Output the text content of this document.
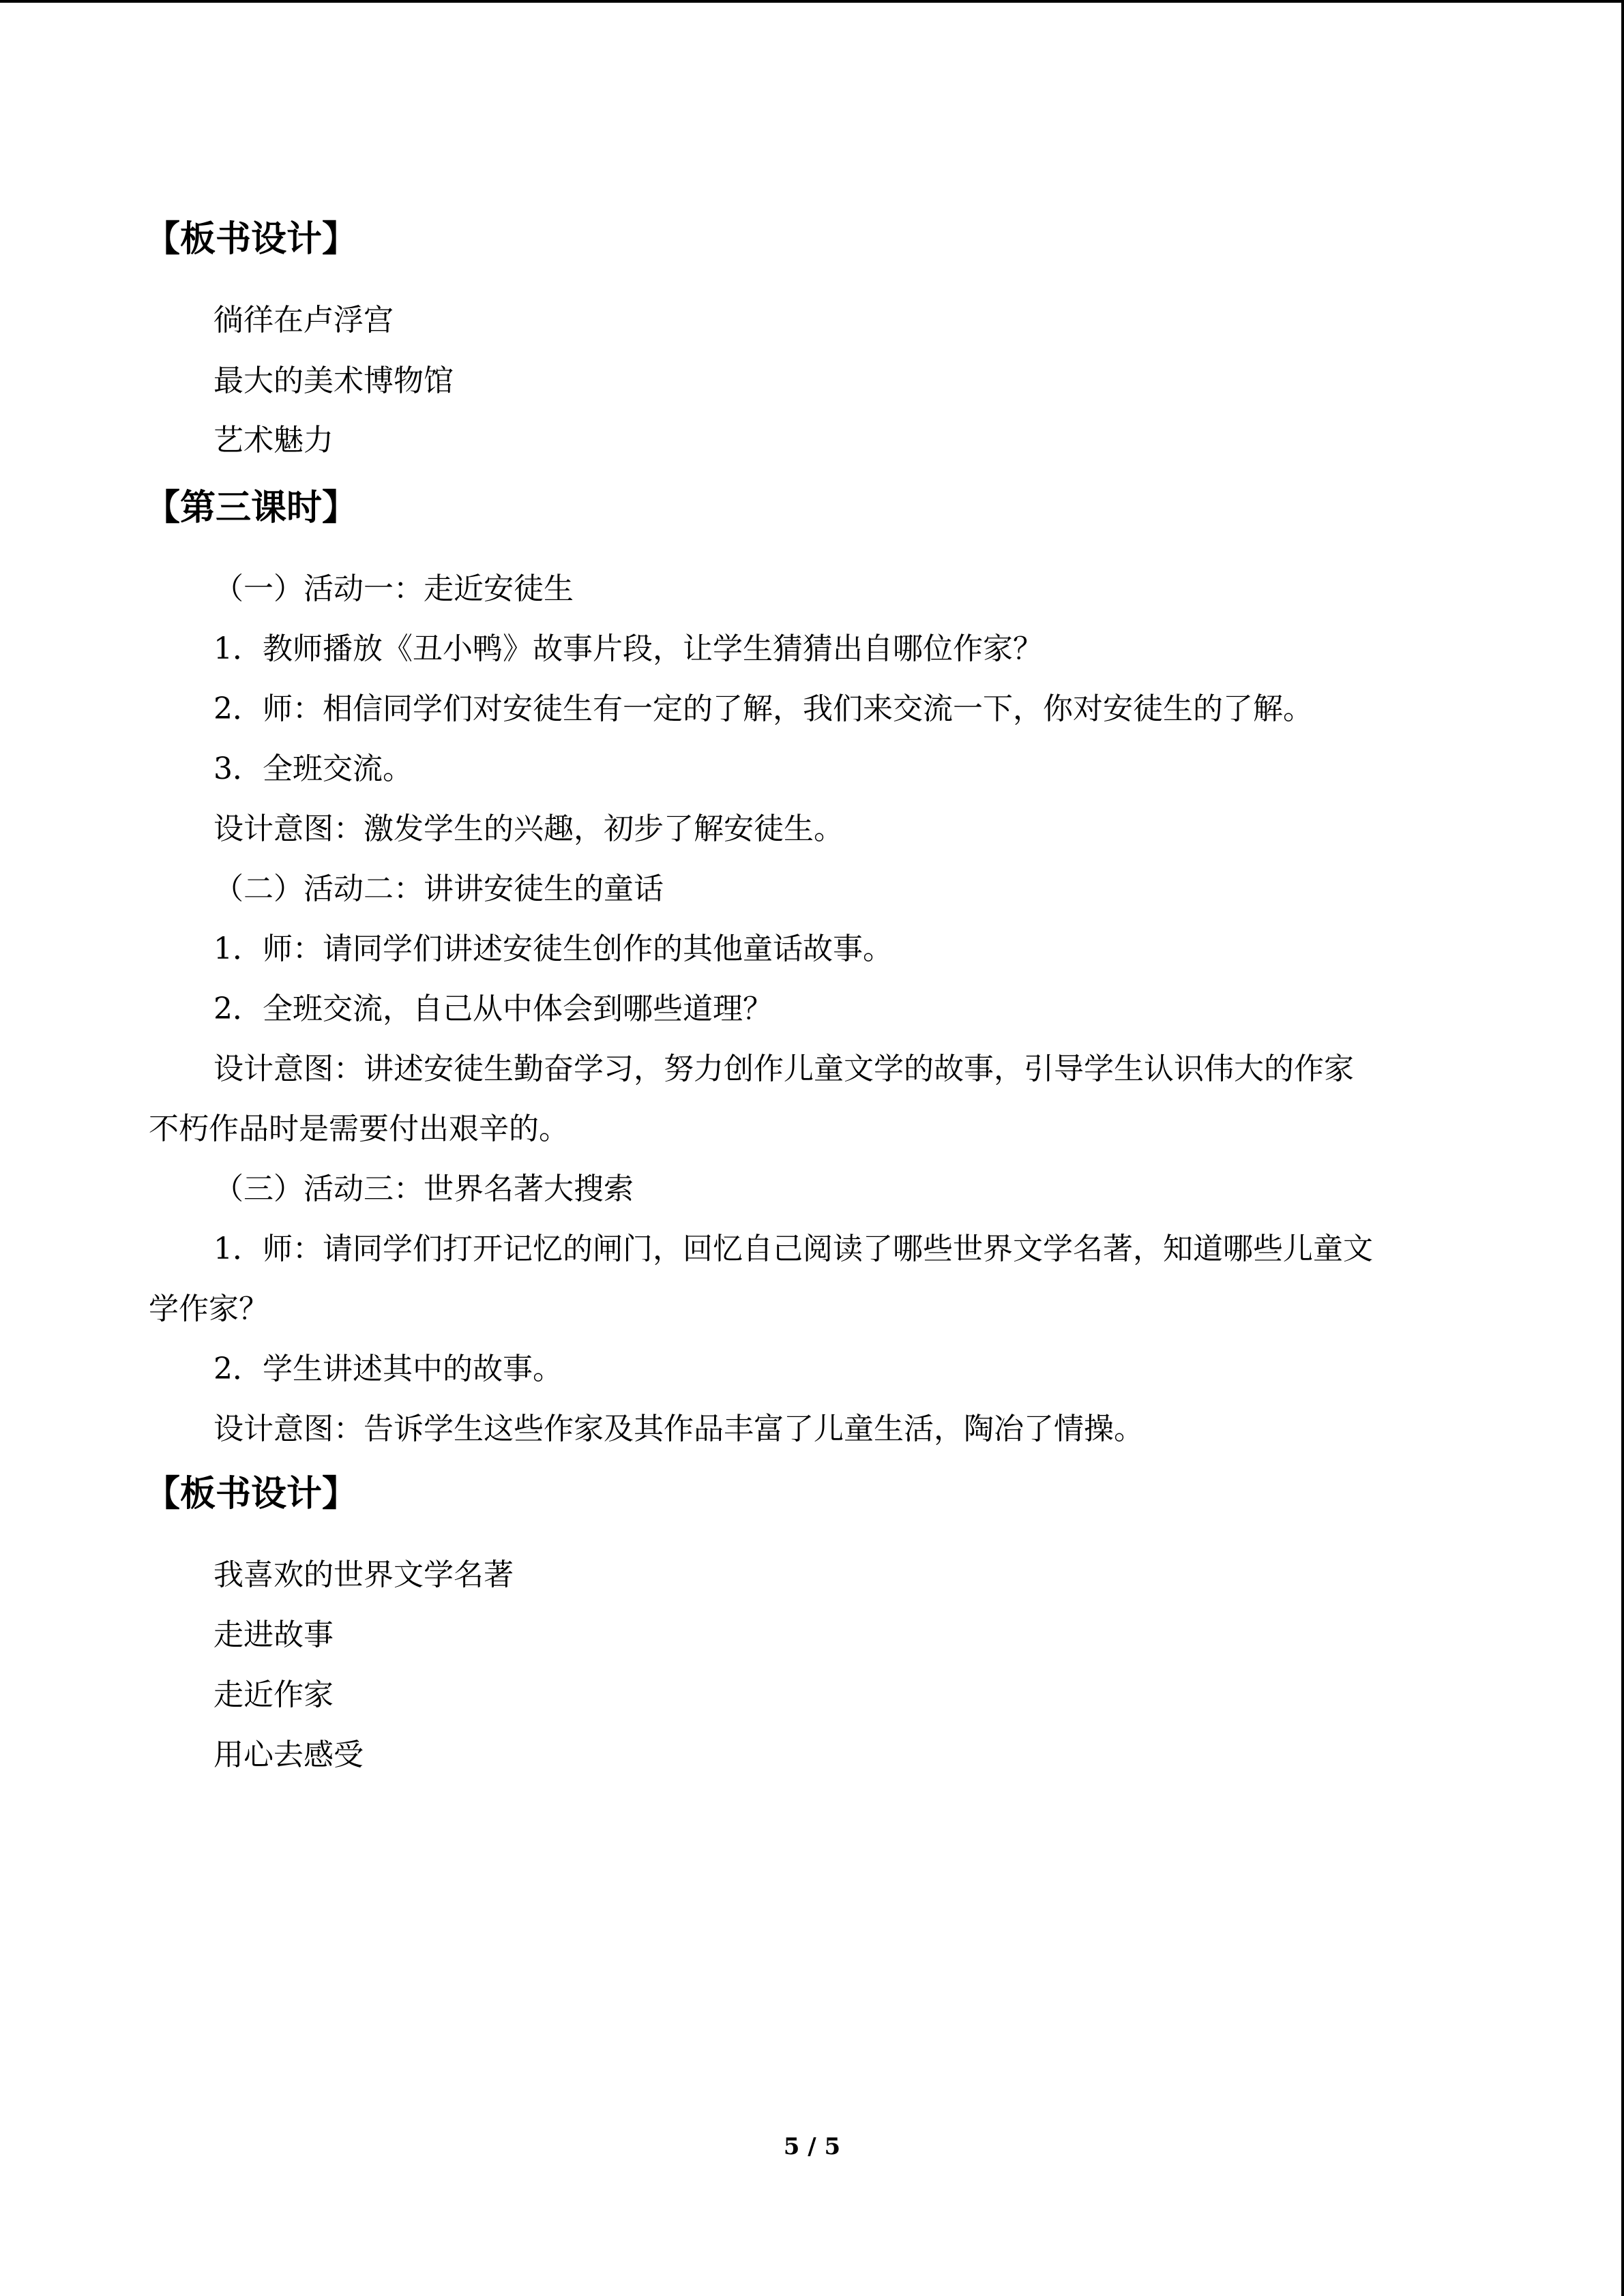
【板书设计】
徜徉在卢浮宫
最大的美术博物馆
艺术魅力
【第三课时】
（一）活动一：走近安徒生
1．教师播放《丑小鸭》故事片段，让学生猜猜出自哪位作家？
2．师：相信同学们对安徒生有一定的了解，我们来交流一下，你对安徒生的了解。
3．全班交流。
设计意图：激发学生的兴趣，初步了解安徒生。
（二）活动二：讲讲安徒生的童话
1．师：请同学们讲述安徒生创作的其他童话故事。
2．全班交流，自己从中体会到哪些道理？
设计意图：讲述安徒生勤奋学习，努力创作儿童文学的故事，引导学生认识伟大的作家
不朽作品时是需要付出艰辛的。
（三）活动三：世界名著大搜索
1．师：请同学们打开记忆的闸门，回忆自己阅读了哪些世界文学名著，知道哪些儿童文
学作家？
2．学生讲述其中的故事。
设计意图：告诉学生这些作家及其作品丰富了儿童生活，陶冶了情操。
【板书设计】
我喜欢的世界文学名著
走进故事
走近作家
用心去感受
5 / 5
